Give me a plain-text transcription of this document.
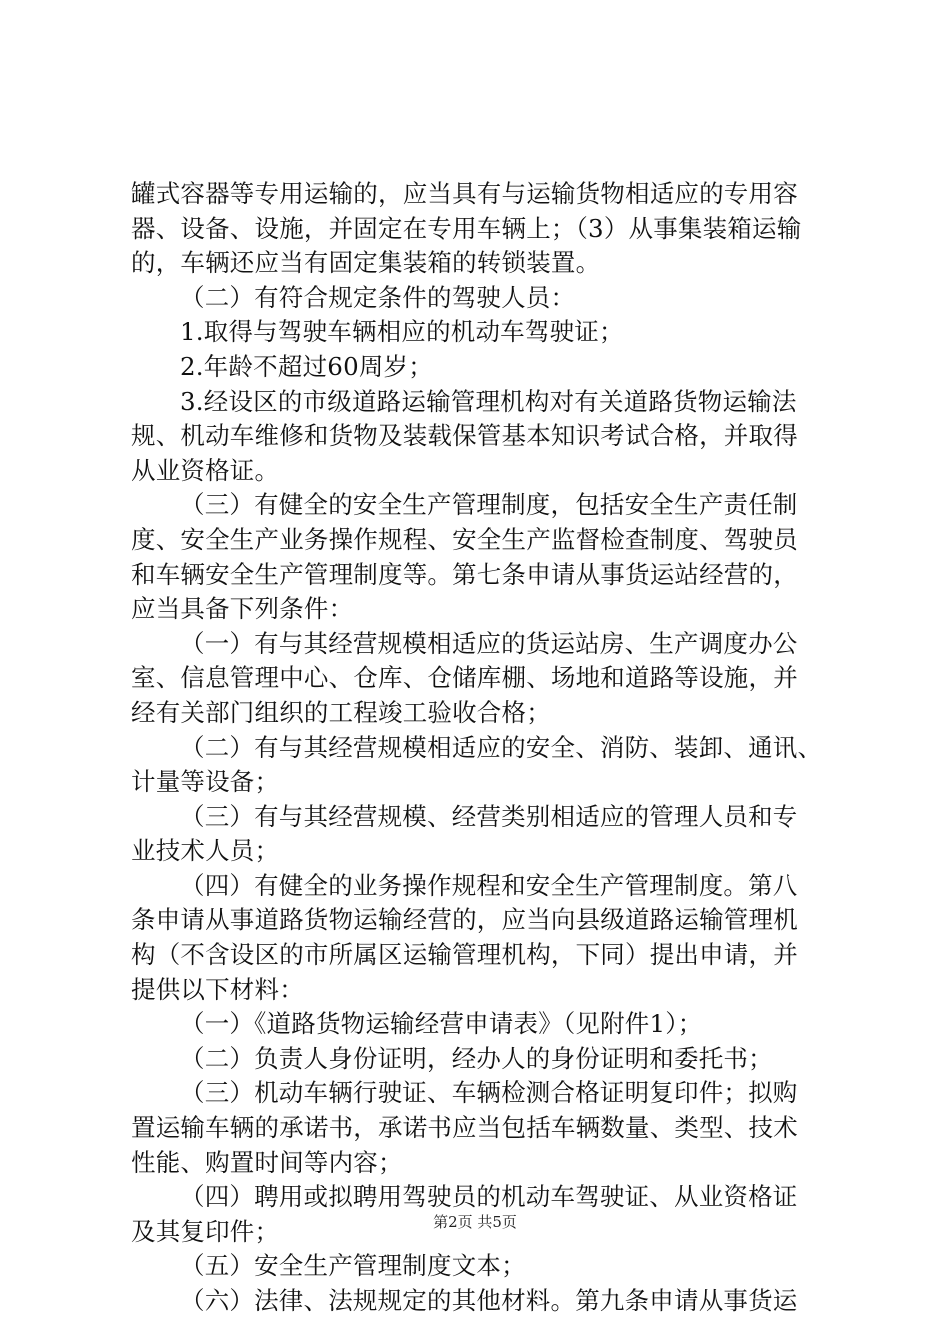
罐式容器等专用运输的，应当具有与运输货物相适应的专用容
器、设备、设施，并固定在专用车辆上；（3）从事集装箱运输
的，车辆还应当有固定集装箱的转锁装置。
（二）有符合规定条件的驾驶人员：
1.取得与驾驶车辆相应的机动车驾驶证；
2.年龄不超过60周岁；
3.经设区的市级道路运输管理机构对有关道路货物运输法
规、机动车维修和货物及装载保管基本知识考试合格，并取得
从业资格证。
（三）有健全的安全生产管理制度，包括安全生产责任制
度、安全生产业务操作规程、安全生产监督检查制度、驾驶员
和车辆安全生产管理制度等。第七条申请从事货运站经营的，
应当具备下列条件：
（一）有与其经营规模相适应的货运站房、生产调度办公
室、信息管理中心、仓库、仓储库棚、场地和道路等设施，并
经有关部门组织的工程竣工验收合格；
（二）有与其经营规模相适应的安全、消防、装卸、通讯、
计量等设备；
（三）有与其经营规模、经营类别相适应的管理人员和专
业技术人员；
（四）有健全的业务操作规程和安全生产管理制度。第八
条申请从事道路货物运输经营的，应当向县级道路运输管理机
构（不含设区的市所属区运输管理机构，下同）提出申请，并
提供以下材料：
（一）《道路货物运输经营申请表》（见附件1）；
（二）负责人身份证明，经办人的身份证明和委托书；
（三）机动车辆行驶证、车辆检测合格证明复印件；拟购
置运输车辆的承诺书，承诺书应当包括车辆数量、类型、技术
性能、购置时间等内容；
（四）聘用或拟聘用驾驶员的机动车驾驶证、从业资格证
及其复印件；
（五）安全生产管理制度文本；
（六）法律、法规规定的其他材料。第九条申请从事货运
第2页 共5页
